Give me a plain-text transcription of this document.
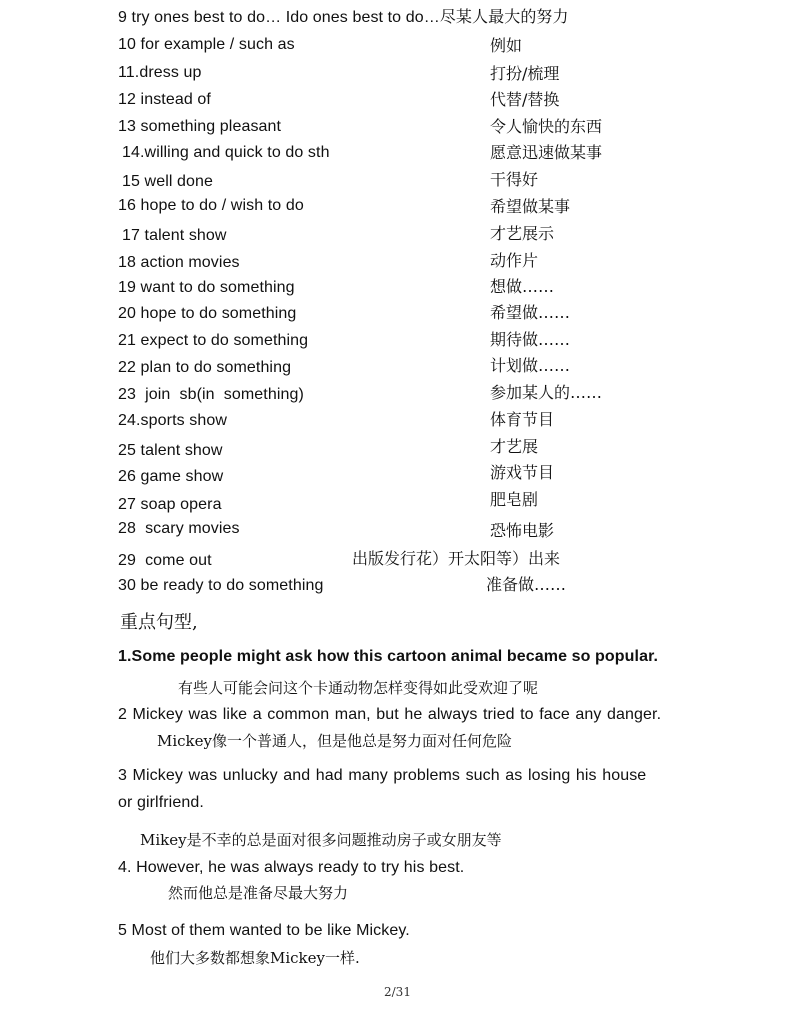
9 try ones best to do… Ido ones best to do…尽某人最大的努力
10 for example / such as	例如
11.dress up	打扮/梳理
12 instead of	代替/替换
13 something pleasant	令人愉快的东西
14.willing and quick to do sth	愿意迅速做某事
15 well done	干得好
16 hope to do / wish to do	希望做某事
17 talent show	才艺展示
18 action movies	动作片
19 want to do something	想做……
20 hope to do something	希望做……
21 expect to do something	期待做……
22 plan to do something	计划做……
23  join  sb(in  something)	参加某人的……
24.sports show	体育节目
25 talent show	才艺展
26 game show	游戏节目
27 soap opera	肥皂剧
28  scary movies	恐怖电影
29  come out	出版发行花）开太阳等）出来
30 be ready to do something	准备做……
重点句型,
1.Some people might ask how this cartoon animal became so popular.
有些人可能会问这个卡通动物怎样变得如此受欢迎了呢
2 Mickey was like a common man, but he always tried to face any danger.
Mickey像一个普通人，但是他总是努力面对任何危险
3 Mickey was unlucky and had many problems such as losing his house
or girlfriend.
Mikey是不幸的总是面对很多问题推动房子或女朋友等
4. However, he was always ready to try his best.
然而他总是准备尽最大努力
5 Most of them wanted to be like Mickey.
他们大多数都想象Mickey一样.
2/31
